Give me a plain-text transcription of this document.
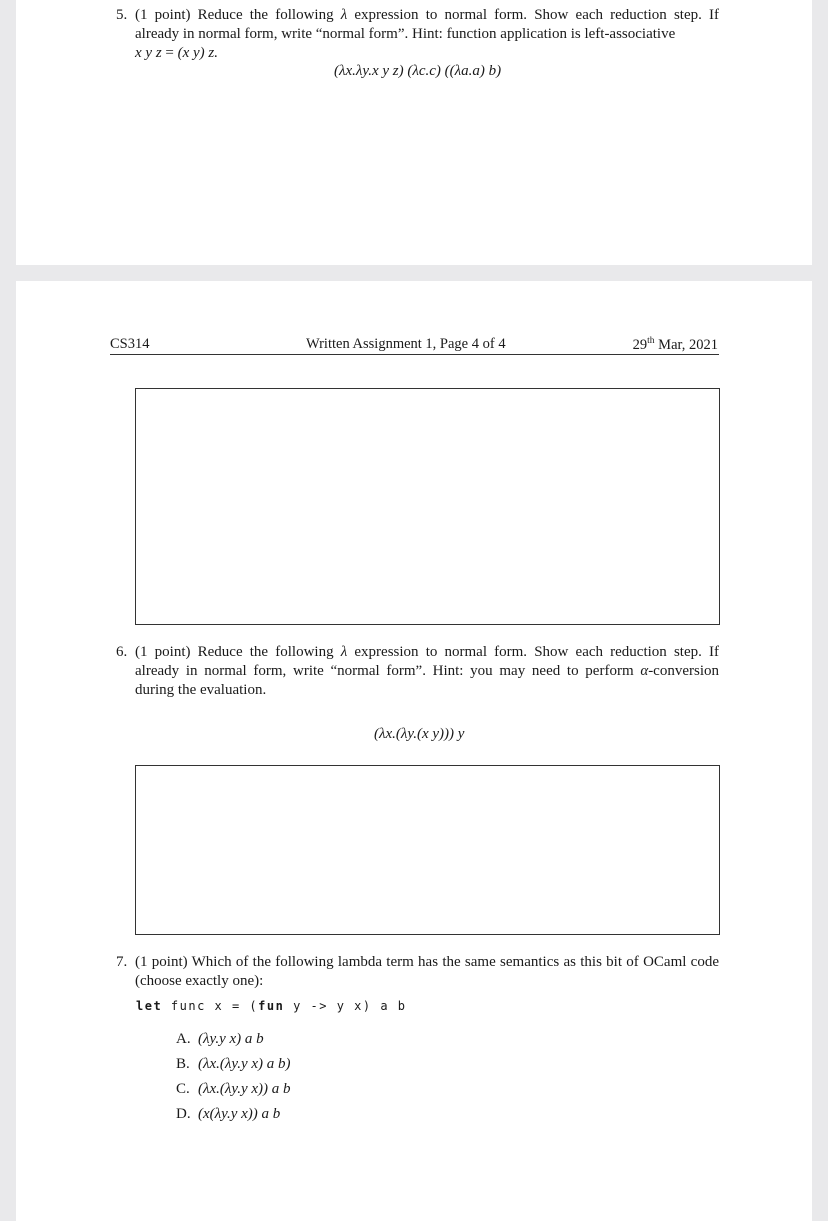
5. (1 point) Reduce the following λ expression to normal form. Show each reduction step. If already in normal form, write “normal form”. Hint: function application is left-associative
x y z = (x y) z.
(λx.λy.x y z) (λc.c) ((λa.a) b)
CS314	Written Assignment 1, Page 4 of 4	29th Mar, 2021
6. (1 point) Reduce the following λ expression to normal form. Show each reduction step. If already in normal form, write “normal form”. Hint: you may need to perform α-conversion during the evaluation.
(λx.(λy.(x y))) y
7. (1 point) Which of the following lambda term has the same semantics as this bit of OCaml code (choose exactly one):
let func x = (fun y -> y x) a b
A. (λy.y x) a b
B. (λx.(λy.y x) a b)
C. (λx.(λy.y x)) a b
D. (x(λy.y x)) a b
